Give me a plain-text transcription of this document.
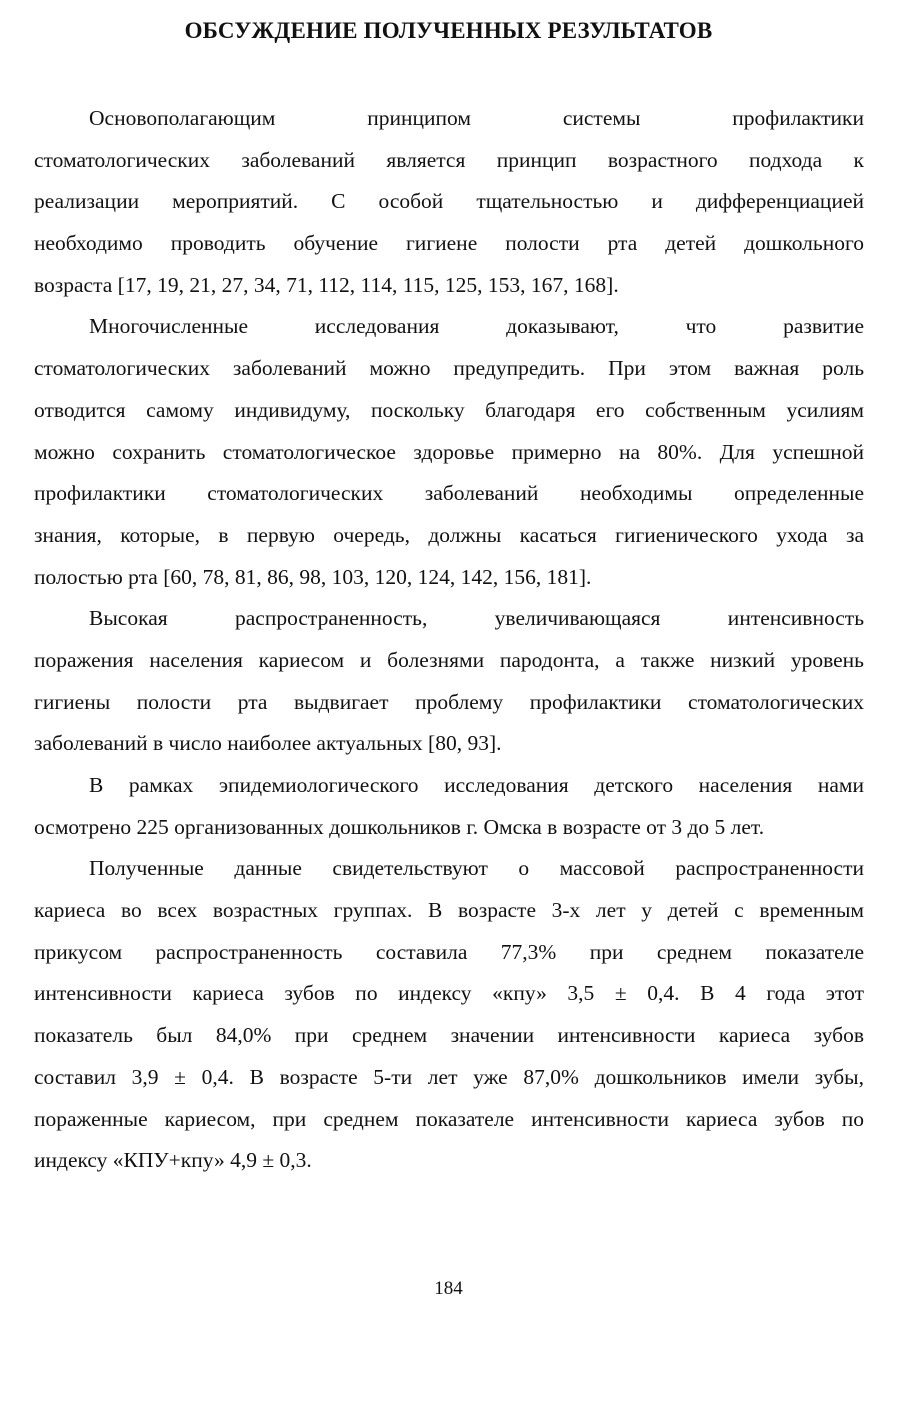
ОБСУЖДЕНИЕ ПОЛУЧЕННЫХ РЕЗУЛЬТАТОВ
Основополагающим принципом системы профилактики
стоматологических заболеваний является принцип возрастного подхода к
реализации мероприятий. С особой тщательностью и дифференциацией
необходимо проводить обучение гигиене полости рта детей дошкольного
возраста [17, 19, 21, 27, 34, 71, 112, 114, 115, 125, 153, 167, 168].
Многочисленные исследования доказывают, что развитие
стоматологических заболеваний можно предупредить. При этом важная роль
отводится самому индивидуму, поскольку благодаря его собственным усилиям
можно сохранить стоматологическое здоровье примерно на 80%. Для успешной
профилактики стоматологических заболеваний необходимы определенные
знания, которые, в первую очередь, должны касаться гигиенического ухода за
полостью рта [60, 78, 81, 86, 98, 103, 120, 124, 142, 156, 181].
Высокая распространенность, увеличивающаяся интенсивность
поражения населения кариесом и болезнями пародонта, а также низкий уровень
гигиены полости рта выдвигает проблему профилактики стоматологических
заболеваний в число наиболее актуальных [80, 93].
В рамках эпидемиологического исследования детского населения нами
осмотрено 225 организованных дошкольников г. Омска в возрасте от 3 до 5 лет.
Полученные данные свидетельствуют о массовой распространенности
кариеса во всех возрастных группах. В возрасте 3-х лет у детей с временным
прикусом распространенность составила 77,3% при среднем показателе
интенсивности кариеса зубов по индексу «кпу» 3,5 ± 0,4. В 4 года этот
показатель был 84,0% при среднем значении интенсивности кариеса зубов
составил 3,9 ± 0,4. В возрасте 5-ти лет уже 87,0% дошкольников имели зубы,
пораженные кариесом, при среднем показателе интенсивности кариеса зубов по
индексу «КПУ+кпу» 4,9 ± 0,3.
184
